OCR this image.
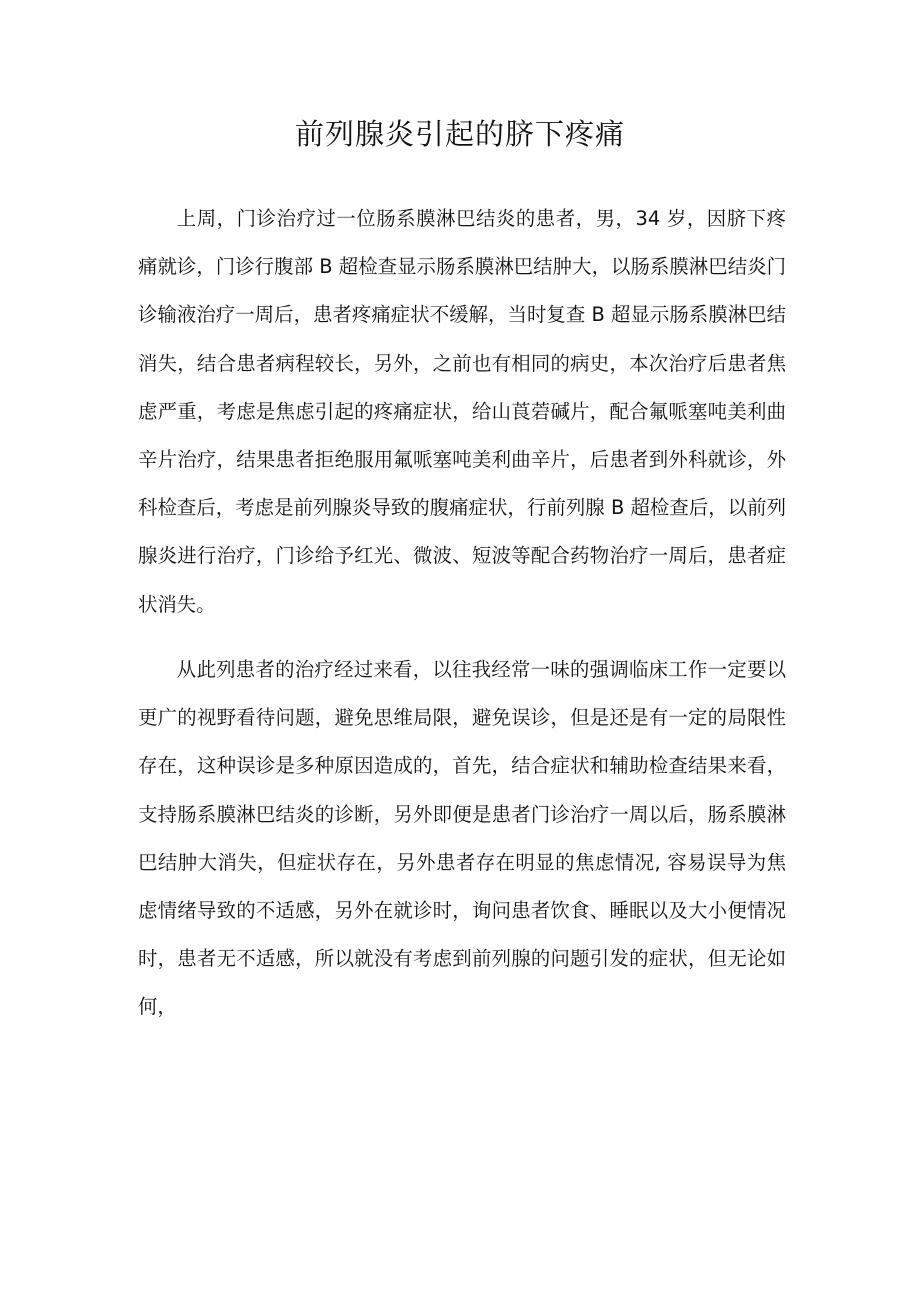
前列腺炎引起的脐下疼痛

上周，门诊治疗过一位肠系膜淋巴结炎的患者，男，34 岁，因脐下疼痛就诊，门诊行腹部 B 超检查显示肠系膜淋巴结肿大，以肠系膜淋巴结炎门诊输液治疗一周后，患者疼痛症状不缓解，当时复查 B 超显示肠系膜淋巴结消失，结合患者病程较长，另外，之前也有相同的病史，本次治疗后患者焦虑严重，考虑是焦虑引起的疼痛症状，给山莨菪碱片，配合氟哌塞吨美利曲辛片治疗，结果患者拒绝服用氟哌塞吨美利曲辛片，后患者到外科就诊，外科检查后，考虑是前列腺炎导致的腹痛症状，行前列腺 B 超检查后，以前列腺炎进行治疗，门诊给予红光、微波、短波等配合药物治疗一周后，患者症状消失。

从此列患者的治疗经过来看，以往我经常一味的强调临床工作一定要以更广的视野看待问题，避免思维局限，避免误诊，但是还是有一定的局限性存在，这种误诊是多种原因造成的，首先，结合症状和辅助检查结果来看，支持肠系膜淋巴结炎的诊断，另外即便是患者门诊治疗一周以后，肠系膜淋巴结肿大消失，但症状存在，另外患者存在明显的焦虑情况, 容易误导为焦虑情绪导致的不适感，另外在就诊时，询问患者饮食、睡眠以及大小便情况时，患者无不适感，所以就没有考虑到前列腺的问题引发的症状，但无论如何，
